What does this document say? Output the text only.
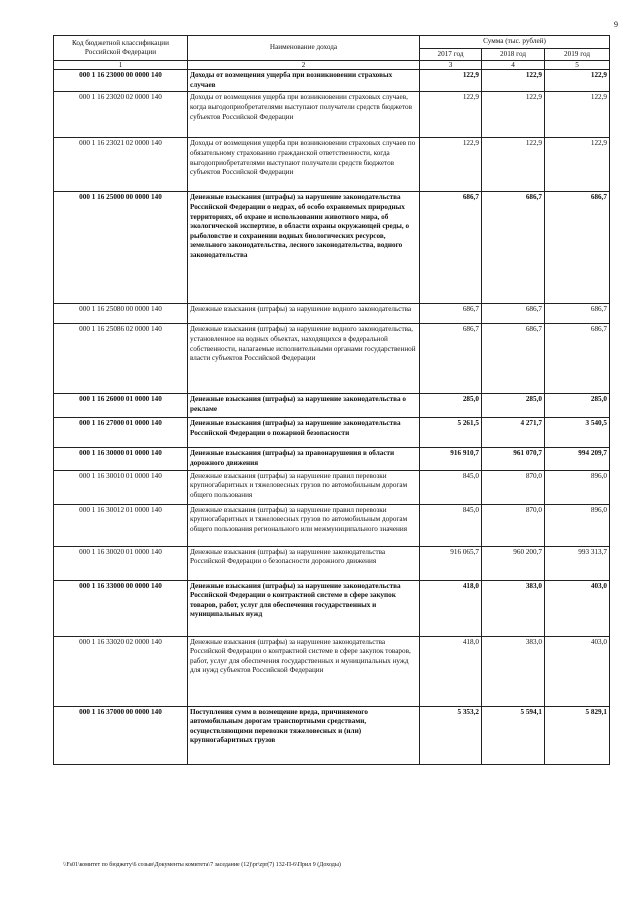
9
Код бюджетной классификации Российской Федерации	Наименование дохода	Сумма (тыс. рублей)		
		2017 год	2018 год	2019 год
1	2	3	4	5
000 1 16 23000 00 0000 140	Доходы от возмещения ущерба при возникновении страховых случаев	122,9	122,9	122,9
000 1 16 23020 02 0000 140	Доходы от возмещения ущерба при возникновении страховых случаев, когда выгодоприобретателями выступают получатели средств бюджетов субъектов Российской Федерации	122,9	122,9	122,9
000 1 16 23021 02 0000 140	Доходы от возмещения ущерба при возникновении страховых случаев по обязательному страхованию гражданской ответственности, когда выгодоприобретателями выступают получатели средств бюджетов субъектов Российской Федерации	122,9	122,9	122,9
000 1 16 25000 00 0000 140	Денежные взыскания (штрафы) за нарушение законодательства Российской Федерации о недрах, об особо охраняемых природных территориях, об охране и использовании животного мира, об экологической экспертизе, в области охраны окружающей среды, о рыболовстве и сохранении водных биологических ресурсов, земельного законодательства, лесного законодательства, водного законодательства	686,7	686,7	686,7
000 1 16 25080 00 0000 140	Денежные взыскания (штрафы) за нарушение водного законодательства	686,7	686,7	686,7
000 1 16 25086 02 0000 140	Денежные взыскания (штрафы) за нарушение водного законодательства, установленное на водных объектах, находящихся в федеральной собственности, налагаемые исполнительными органами государственной власти субъектов Российской Федерации	686,7	686,7	686,7
000 1 16 26000 01 0000 140	Денежные взыскания (штрафы) за нарушение законодательства о рекламе	285,0	285,0	285,0
000 1 16 27000 01 0000 140	Денежные взыскания (штрафы) за нарушение законодательства Российской Федерации о пожарной безопасности	5 261,5	4 271,7	3 540,5
000 1 16 30000 01 0000 140	Денежные взыскания (штрафы) за правонарушения в области дорожного движения	916 910,7	961 070,7	994 209,7
000 1 16 30010 01 0000 140	Денежные взыскания (штрафы) за нарушение правил перевозки крупногабаритных и тяжеловесных грузов по автомобильным дорогам общего пользования	845,0	870,0	896,0
000 1 16 30012 01 0000 140	Денежные взыскания (штрафы) за нарушение правил перевозки крупногабаритных и тяжеловесных грузов по автомобильным дорогам общего пользования регионального или межмуниципального значения	845,0	870,0	896,0
000 1 16 30020 01 0000 140	Денежные взыскания (штрафы) за нарушение законодательства Российской Федерации о безопасности дорожного движения	916 065,7	960 200,7	993 313,7
000 1 16 33000 00 0000 140	Денежные взыскания (штрафы) за нарушение законодательства Российской Федерации о контрактной системе в сфере закупок товаров, работ, услуг для обеспечения государственных и муниципальных нужд	418,0	383,0	403,0
000 1 16 33020 02 0000 140	Денежные взыскания (штрафы) за нарушение законодательства Российской Федерации о контрактной системе в сфере закупок товаров, работ, услуг для обеспечения государственных и муниципальных нужд для нужд субъектов Российской Федерации	418,0	383,0	403,0
000 1 16 37000 00 0000 140	Поступления сумм в возмещение вреда, причиняемого автомобильным дорогам транспортными средствами, осуществляющими перевозки тяжеловесных и (или) крупногабаритных грузов	5 353,2	5 594,1	5 829,1
\\Fs01\комитет по бюджету\6 созыв\Документы комитета\7 заседание (12)\pr\zpr(7) 132-П-6\Прил 9 (Доходы)
